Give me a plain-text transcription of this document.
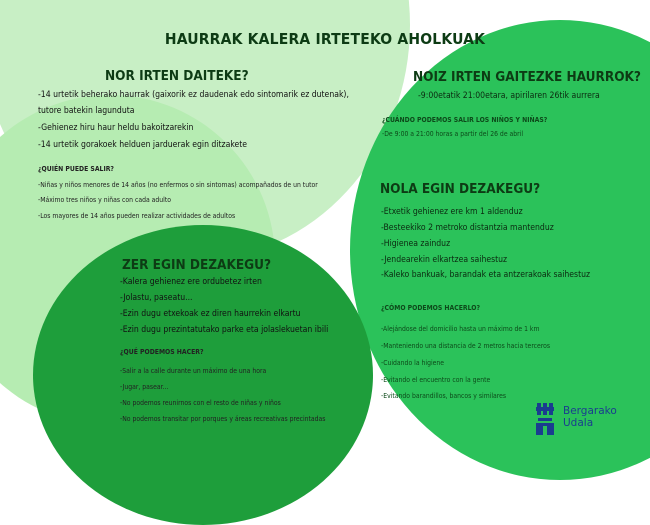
HAURRAK KALERA IRTETEKO AHOLKUAK
NOR IRTEN DAITEKE?
-14 urtetik beherako haurrak (gaixorik ez daudenak edo sintomarik ez dutenak),
tutore batekin lagunduta
-Gehienez hiru haur heldu bakoitzarekin
-14 urtetik gorakoek helduen jarduerak egin ditzakete
¿QUIÉN PUEDE SALIR?
-Niñas y niños menores de 14 años (no enfermos o sin sintomas) acompañados de un tutor
-Máximo tres niños y niñas con cada adulto
-Los mayores de 14 años pueden realizar actividades de adultos
NOIZ IRTEN GAITEZKE HAURROK?
-9:00etatik 21:00etara, apirilaren 26tik aurrera
¿CUÁNDO PODEMOS SALIR LOS NIÑOS Y NIÑAS?
-De 9:00 a 21:00 horas a partir del 26 de abril
NOLA EGIN DEZAKEGU?
-Etxetik gehienez ere km 1 aldenduz
-Besteekiko 2 metroko distantzia mantenduz
-Higienea zainduz
-Jendearekin elkartzea saihestuz
-Kaleko bankuak, barandak eta antzerakoak saihestuz
¿CÓMO PODEMOS HACERLO?
-Alejándose del domicilio hasta un máximo de 1 km
-Manteniendo una distancia de 2 metros hacia terceros
-Cuidando la higiene
-Evitando el encuentro con la gente
-Evitando barandillos, bancos y similares
ZER EGIN DEZAKEGU?
-Kalera gehienez ere ordubetez irten
-Jolastu, paseatu...
-Ezin dugu etxekoak ez diren haurrekin elkartu
-Ezin dugu prezintatutako parke eta jolaslekuetan ibili
¿QUÉ PODEMOS HACER?
-Salir a la calle durante un máximo de una hora
-Jugar, pasear...
-No podemos reunirnos con el resto de niñas y niños
-No podemos transitar por porques y áreas recreativas precintadas
Bergarako
Udala
